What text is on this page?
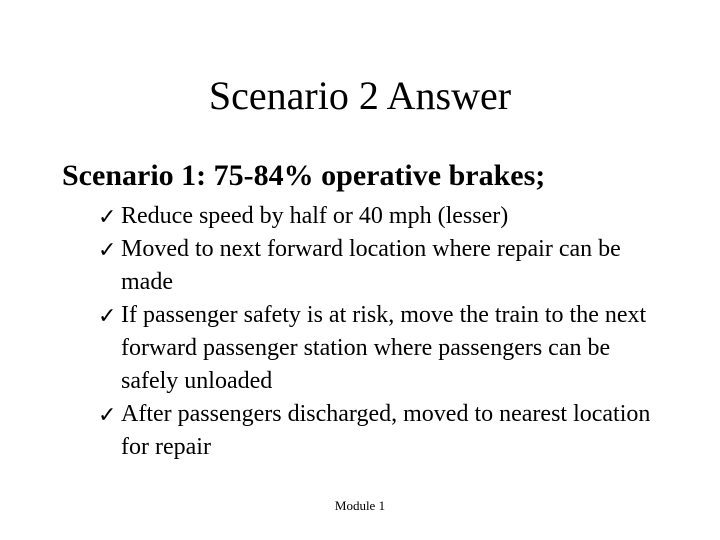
Scenario 2 Answer
Scenario 1: 75-84% operative brakes;
✓ Reduce speed by half or 40 mph (lesser)
✓ Moved to next forward location where repair can be made
✓ If passenger safety is at risk, move the train to the next forward passenger station where passengers can be safely unloaded
✓ After passengers discharged, moved to nearest location for repair
Module 1
